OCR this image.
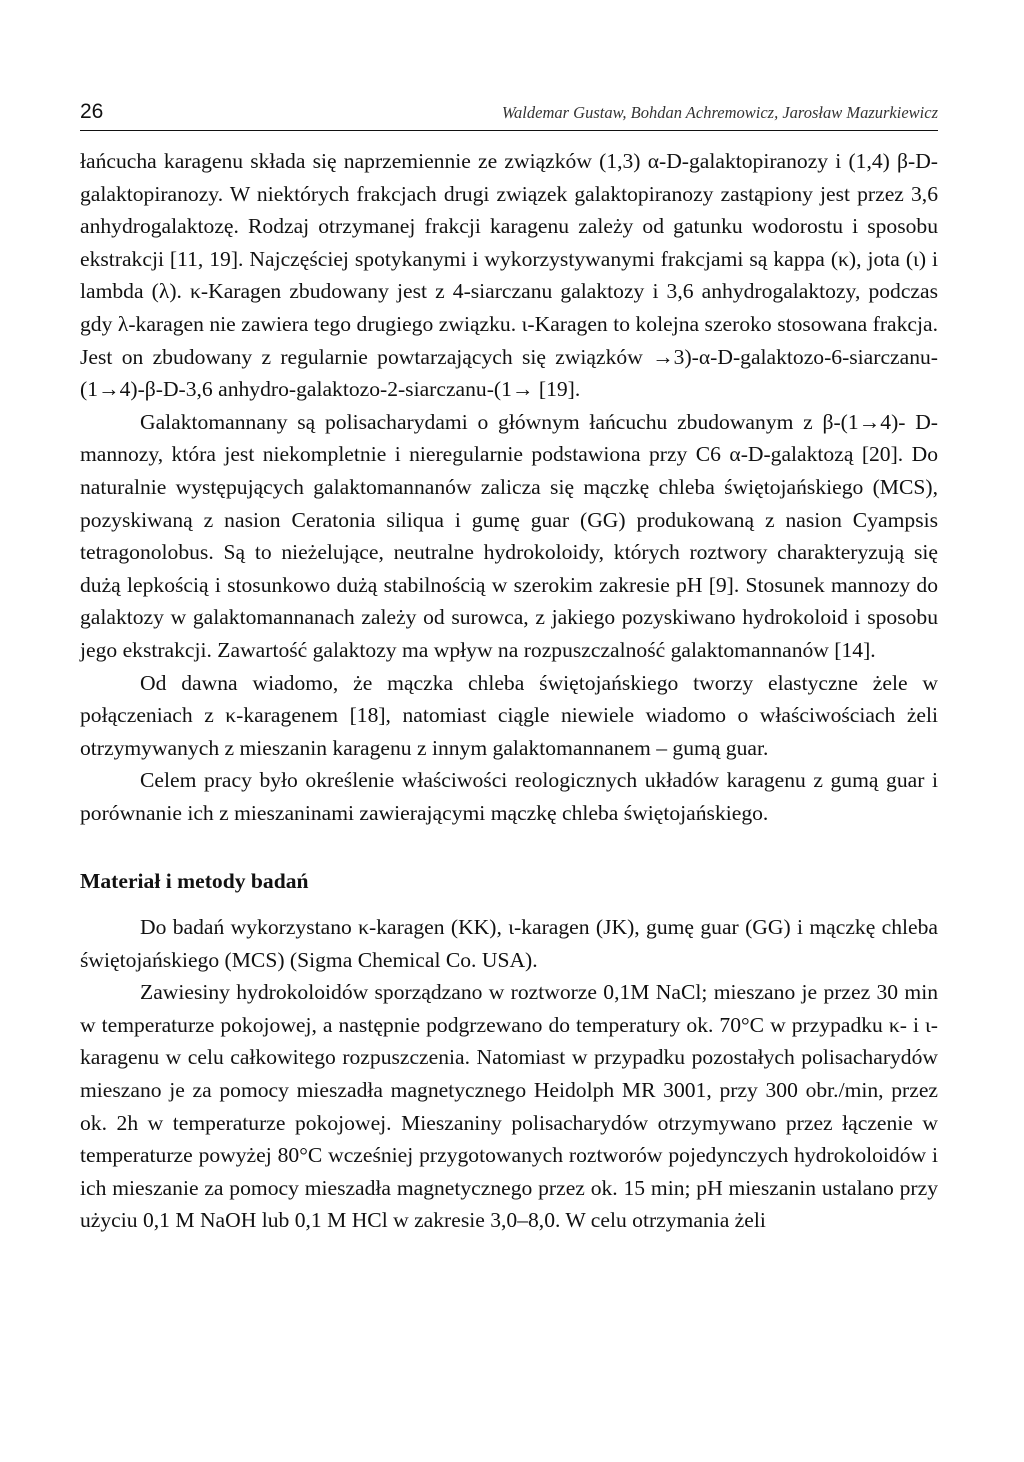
26	Waldemar Gustaw, Bohdan Achremowicz, Jarosław Mazurkiewicz

łańcucha karagenu składa się naprzemiennie ze związków (1,3) α-D-galaktopiranozy i (1,4) β-D-galaktopiranozy. W niektórych frakcjach drugi związek galaktopiranozy zastąpiony jest przez 3,6 anhydrogalaktozę. Rodzaj otrzymanej frakcji karagenu zależy od gatunku wodorostu i sposobu ekstrakcji [11, 19]. Najczęściej spotykanymi i wykorzystywanymi frakcjami są kappa (κ), jota (ι) i lambda (λ). κ-Karagen zbudowany jest z 4-siarczanu galaktozy i 3,6 anhydrogalaktozy, podczas gdy λ-karagen nie zawiera tego drugiego związku. ι-Karagen to kolejna szeroko stosowana frakcja. Jest on zbudowany z regularnie powtarzających się związków →3)-α-D-galaktozo-6-siarczanu-(1→4)-β-D-3,6 anhydro-galaktozo-2-siarczanu-(1→ [19].

Galaktomannany są polisacharydami o głównym łańcuchu zbudowanym z β-(1→4)- D-mannozy, która jest niekompletnie i nieregularnie podstawiona przy C6 α-D-galaktozą [20]. Do naturalnie występujących galaktomannanów zalicza się mączkę chleba świętojańskiego (MCS), pozyskiwaną z nasion Ceratonia siliqua i gumę guar (GG) produkowaną z nasion Cyampsis tetragonolobus. Są to nieżelujące, neutralne hydrokoloidy, których roztwory charakteryzują się dużą lepkością i stosunkowo dużą stabilnością w szerokim zakresie pH [9]. Stosunek mannozy do galaktozy w galaktomannanach zależy od surowca, z jakiego pozyskiwano hydrokoloid i sposobu jego ekstrakcji. Zawartość galaktozy ma wpływ na rozpuszczalność galaktomannanów [14].

Od dawna wiadomo, że mączka chleba świętojańskiego tworzy elastyczne żele w połączeniach z κ-karagenem [18], natomiast ciągle niewiele wiadomo o właściwościach żeli otrzymywanych z mieszanin karagenu z innym galaktomannanem – gumą guar.

Celem pracy było określenie właściwości reologicznych układów karagenu z gumą guar i porównanie ich z mieszaninami zawierającymi mączkę chleba świętojańskiego.

Materiał i metody badań

Do badań wykorzystano κ-karagen (KK), ι-karagen (JK), gumę guar (GG) i mączkę chleba świętojańskiego (MCS) (Sigma Chemical Co. USA).

Zawiesiny hydrokoloidów sporządzano w roztworze 0,1M NaCl; mieszano je przez 30 min w temperaturze pokojowej, a następnie podgrzewano do temperatury ok. 70°C w przypadku κ- i ι-karagenu w celu całkowitego rozpuszczenia. Natomiast w przypadku pozostałych polisacharydów mieszano je za pomocy mieszadła magnetycznego Heidolph MR 3001, przy 300 obr./min, przez ok. 2h w temperaturze pokojowej. Mieszaniny polisacharydów otrzymywano przez łączenie w temperaturze powyżej 80°C wcześniej przygotowanych roztworów pojedynczych hydrokoloidów i ich mieszanie za pomocy mieszadła magnetycznego przez ok. 15 min; pH mieszanin ustalano przy użyciu 0,1 M NaOH lub 0,1 M HCl w zakresie 3,0–8,0. W celu otrzymania żeli
